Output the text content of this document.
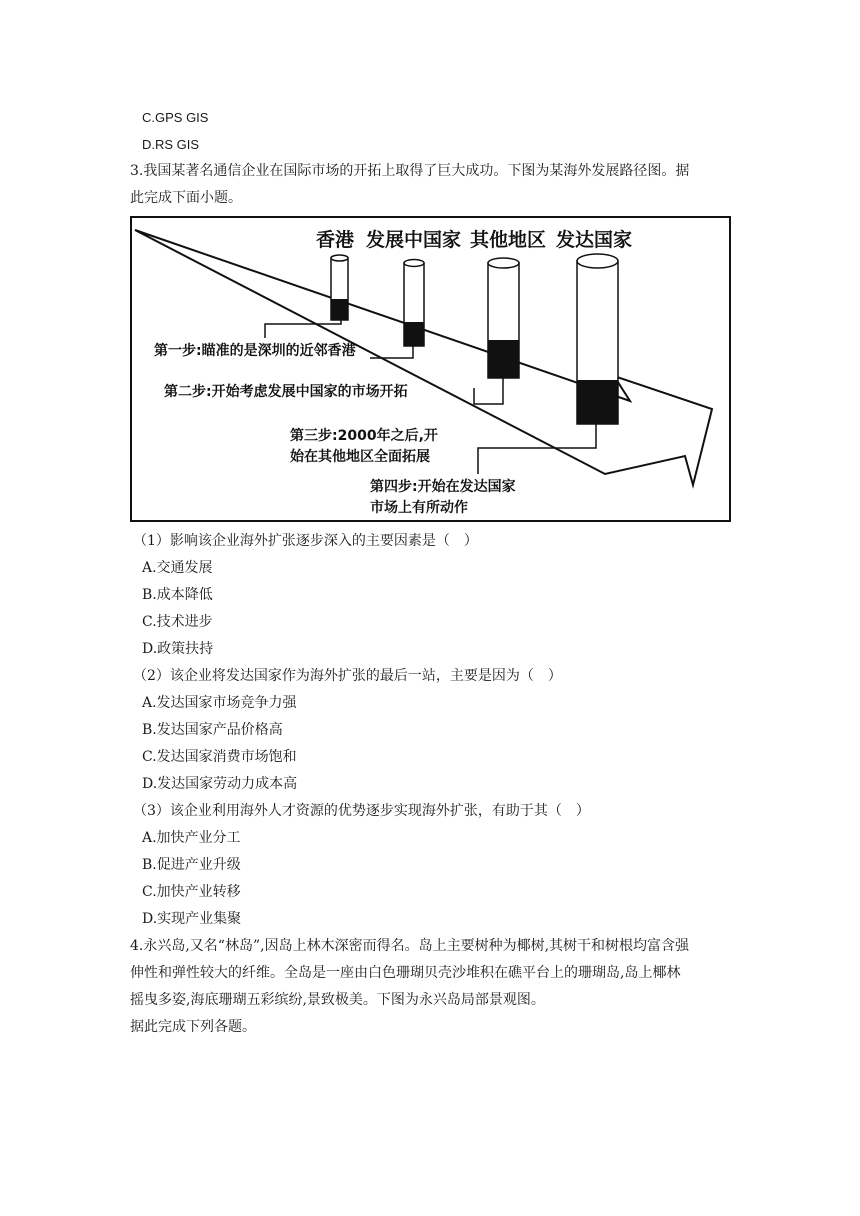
C.GPS GIS
D.RS GIS
3.我国某著名通信企业在国际市场的开拓上取得了巨大成功。下图为某海外发展路径图。据
此完成下面小题。
香港 发展中国家 其他地区 发达国家
第一步:瞄准的是深圳的近邻香港
第二步:开始考虑发展中国家的市场开拓
第三步:2000年之后,开
始在其他地区全面拓展
第四步:开始在发达国家
市场上有所动作
（1）影响该企业海外扩张逐步深入的主要因素是（　）
A.交通发展
B.成本降低
C.技术进步
D.政策扶持
（2）该企业将发达国家作为海外扩张的最后一站，主要是因为（　）
A.发达国家市场竞争力强
B.发达国家产品价格高
C.发达国家消费市场饱和
D.发达国家劳动力成本高
（3）该企业利用海外人才资源的优势逐步实现海外扩张，有助于其（　）
A.加快产业分工
B.促进产业升级
C.加快产业转移
D.实现产业集聚
4.永兴岛,又名“林岛”,因岛上林木深密而得名。岛上主要树种为椰树,其树干和树根均富含强
伸性和弹性较大的纤维。全岛是一座由白色珊瑚贝壳沙堆积在礁平台上的珊瑚岛,岛上椰林
摇曳多姿,海底珊瑚五彩缤纷,景致极美。下图为永兴岛局部景观图。
据此完成下列各题。
